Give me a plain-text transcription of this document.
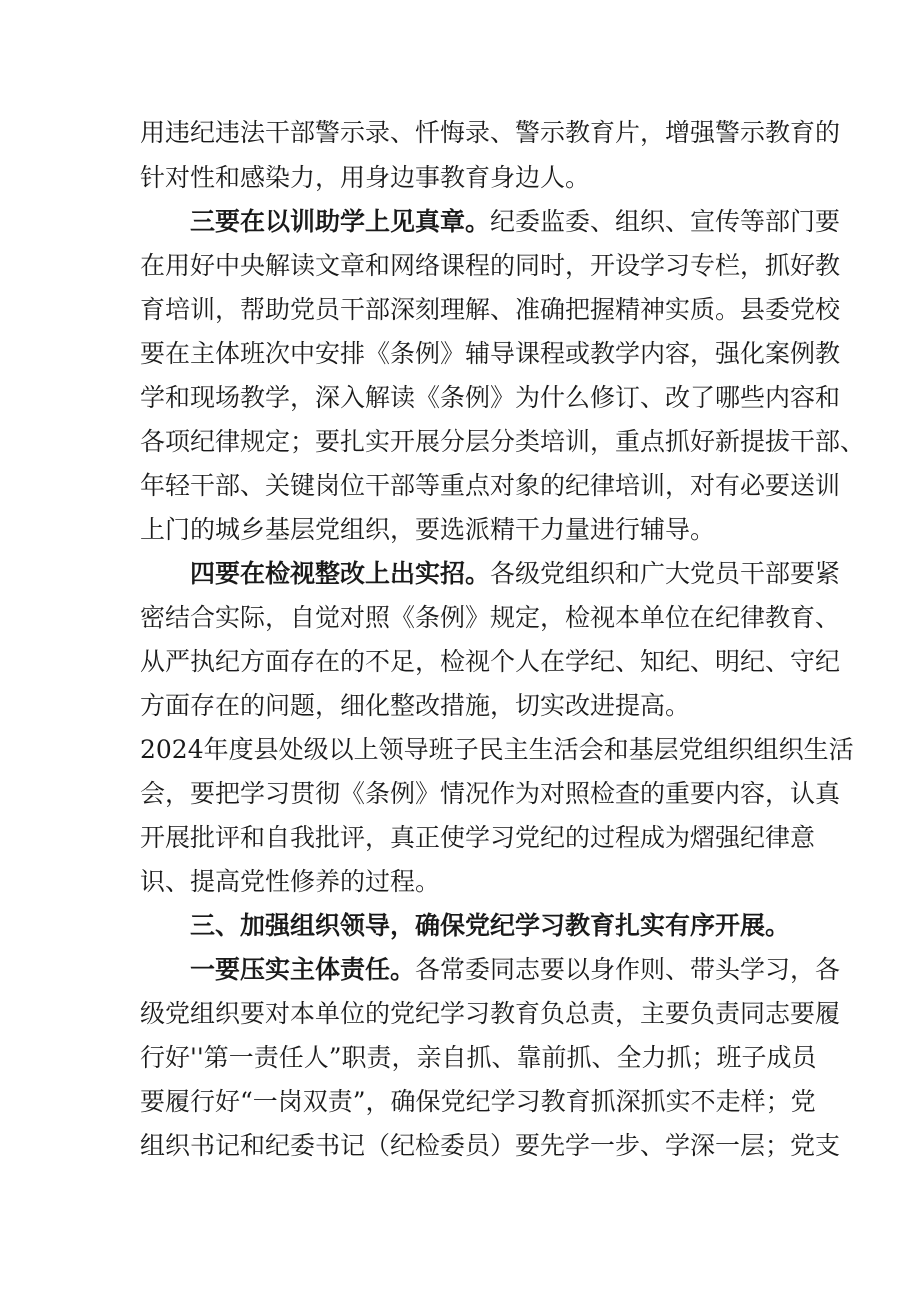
用违纪违法干部警示录、忏悔录、警示教育片，增强警示教育的
针对性和感染力，用身边事教育身边人。
三要在以训助学上见真章。纪委监委、组织、宣传等部门要
在用好中央解读文章和网络课程的同时，开设学习专栏，抓好教
育培训，帮助党员干部深刻理解、准确把握精神实质。县委党校
要在主体班次中安排《条例》辅导课程或教学内容，强化案例教
学和现场教学，深入解读《条例》为什么修订、改了哪些内容和
各项纪律规定；要扎实开展分层分类培训，重点抓好新提拔干部、
年轻干部、关键岗位干部等重点对象的纪律培训，对有必要送训
上门的城乡基层党组织，要选派精干力量进行辅导。
四要在检视整改上出实招。各级党组织和广大党员干部要紧
密结合实际，自觉对照《条例》规定，检视本单位在纪律教育、
从严执纪方面存在的不足，检视个人在学纪、知纪、明纪、守纪
方面存在的问题，细化整改措施，切实改进提高。
2024年度县处级以上领导班子民主生活会和基层党组织组织生活
会，要把学习贯彻《条例》情况作为对照检查的重要内容，认真
开展批评和自我批评，真正使学习党纪的过程成为熠强纪律意
识、提高党性修养的过程。
三、加强组织领导，确保党纪学习教育扎实有序开展。
一要压实主体责任。各常委同志要以身作则、带头学习，各
级党组织要对本单位的党纪学习教育负总责，主要负责同志要履
行好''第一责任人”职责，亲自抓、靠前抓、全力抓；班子成员
要履行好“一岗双责”，确保党纪学习教育抓深抓实不走样；党
组织书记和纪委书记（纪检委员）要先学一步、学深一层；党支
